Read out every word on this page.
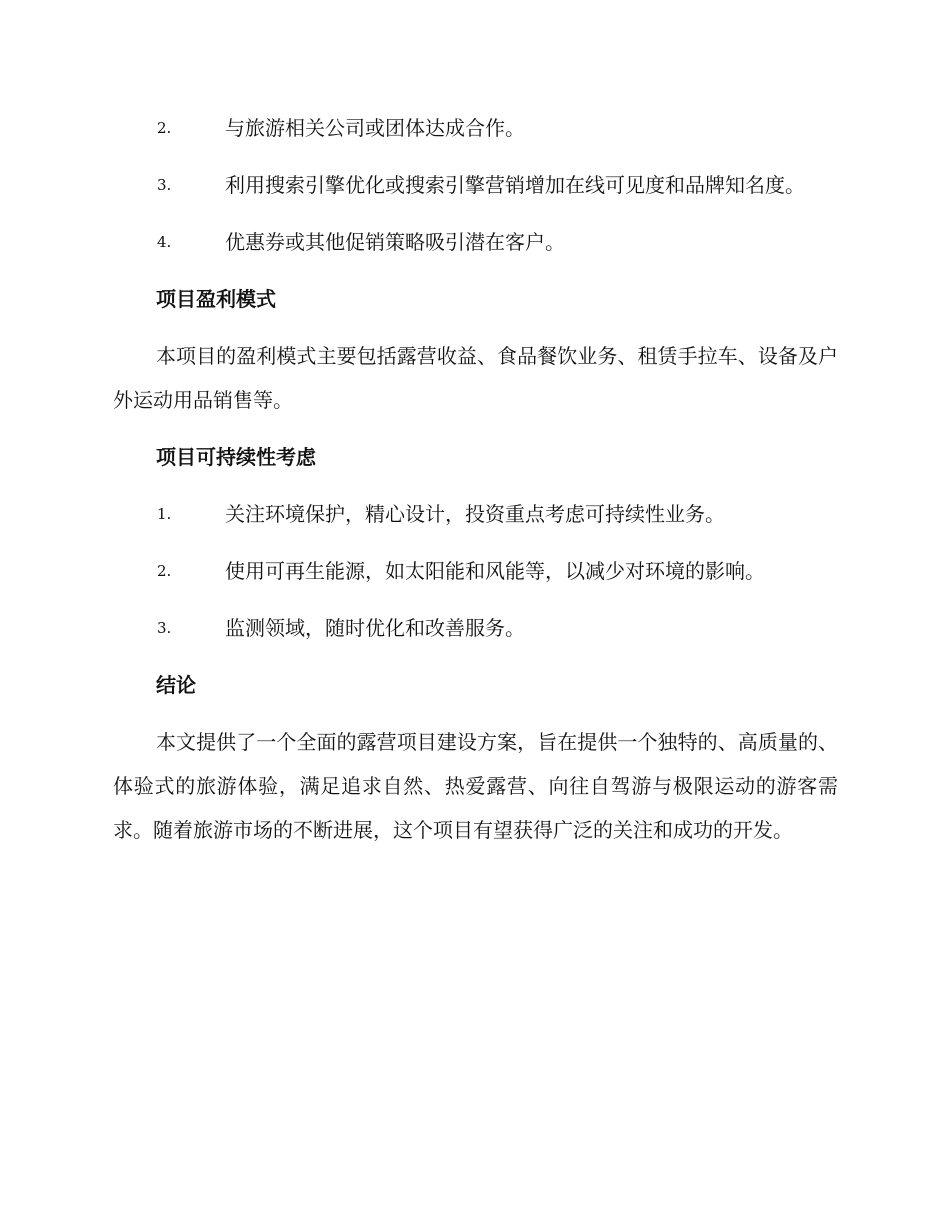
2.	与旅游相关公司或团体达成合作。
3.	利用搜索引擎优化或搜索引擎营销增加在线可见度和品牌知名度。
4.	优惠券或其他促销策略吸引潜在客户。
项目盈利模式
本项目的盈利模式主要包括露营收益、食品餐饮业务、租赁手拉车、设备及户外运动用品销售等。
项目可持续性考虑
1.	关注环境保护，精心设计，投资重点考虑可持续性业务。
2.	使用可再生能源，如太阳能和风能等，以减少对环境的影响。
3.	监测领域，随时优化和改善服务。
结论
本文提供了一个全面的露营项目建设方案，旨在提供一个独特的、高质量的、体验式的旅游体验，满足追求自然、热爱露营、向往自驾游与极限运动的游客需求。随着旅游市场的不断进展，这个项目有望获得广泛的关注和成功的开发。
